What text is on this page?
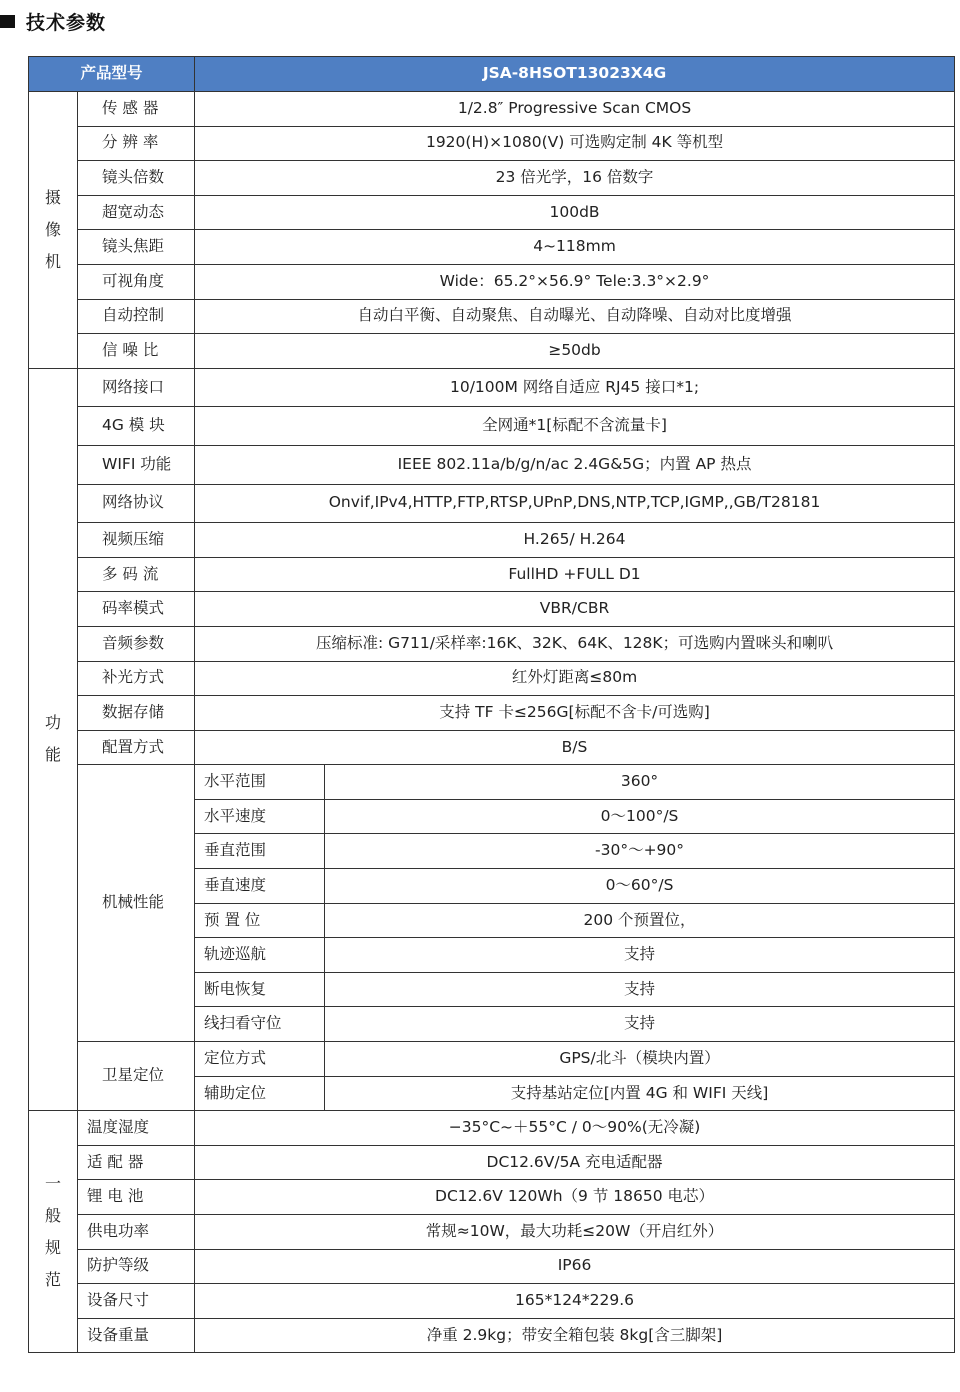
技术参数
产品型号		JSA-8HSOT13023X4G	

摄
像
机	传 感 器	1/2.8″ Progressive Scan CMOS	
	分 辨 率	1920(H)×1080(V) 可选购定制 4K 等机型	
	镜头倍数	23 倍光学，16 倍数字	
	超宽动态	100dB	
	镜头焦距	4~118mm	
	可视角度	Wide：65.2°×56.9° Tele:3.3°×2.9°	
	自动控制	自动白平衡、自动聚焦、自动曝光、自动降噪、自动对比度增强	
	信 噪 比	≥50db	

功
能	网络接口	10/100M 网络自适应 RJ45 接口*1;	
	4G 模 块	全网通*1[标配不含流量卡]	
	WIFI 功能	IEEE 802.11a/b/g/n/ac 2.4G&5G；内置 AP 热点	
	网络协议	Onvif,IPv4,HTTP,FTP,RTSP,UPnP,DNS,NTP,TCP,IGMP,,GB/T28181	
	视频压缩	H.265/ H.264	
	多 码 流	FullHD +FULL D1	
	码率模式	VBR/CBR	
	音频参数	压缩标准: G711/采样率:16K、32K、64K、128K；可选购内置咪头和喇叭	
	补光方式	红外灯距离≤80m	
	数据存储	支持 TF 卡≤256G[标配不含卡/可选购]	
	配置方式	B/S	
	机械性能	水平范围	360°
		水平速度	0～100°/S
		垂直范围	-30°～+90°
		垂直速度	0～60°/S
		预 置 位	200 个预置位，
		轨迹巡航	支持
		断电恢复	支持
		线扫看守位	支持
	卫星定位	定位方式	GPS/北斗（模块内置）
		辅助定位	支持基站定位[内置 4G 和 WIFI 天线]

一
般
规
范	温度湿度	−35°C~＋55°C / 0～90%(无冷凝)	
	适 配 器	DC12.6V/5A 充电适配器	
	锂 电 池	DC12.6V 120Wh（9 节 18650 电芯）	
	供电功率	常规≈10W，最大功耗≤20W（开启红外）	
	防护等级	IP66	
	设备尺寸	165*124*229.6	
	设备重量	净重 2.9kg；带安全箱包装 8kg[含三脚架]	
